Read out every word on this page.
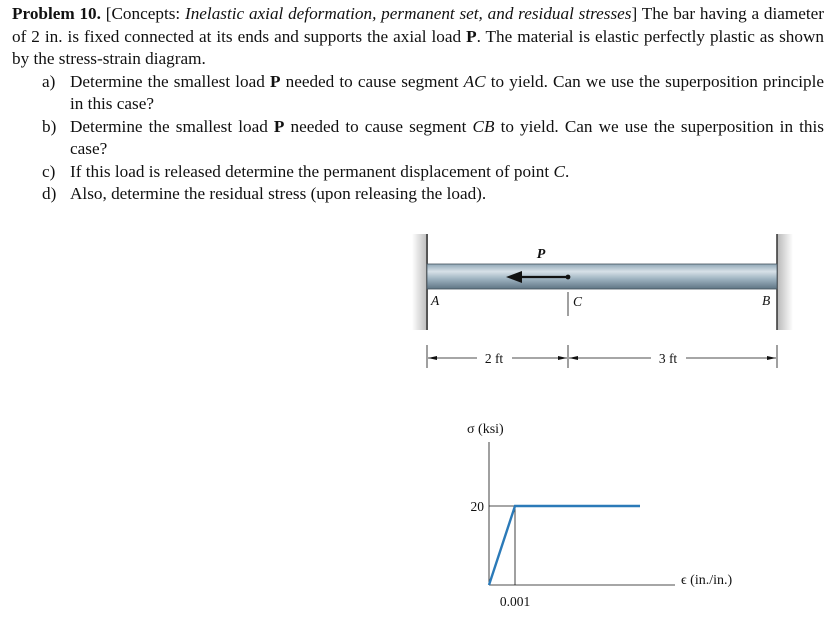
Problem 10. [Concepts: Inelastic axial deformation, permanent set, and residual stresses] The bar having a diameter of 2 in. is fixed connected at its ends and supports the axial load P. The material is elastic perfectly plastic as shown by the stress-strain diagram.
a) Determine the smallest load P needed to cause segment AC to yield. Can we use the superposition principle in this case?
b) Determine the smallest load P needed to cause segment CB to yield. Can we use the superposition in this case?
c) If this load is released determine the permanent displacement of point C.
d) Also, determine the residual stress (upon releasing the load).
P
A	C	B
2 ft	3 ft
σ (ksi)
20
0.001
ϵ (in./in.)
